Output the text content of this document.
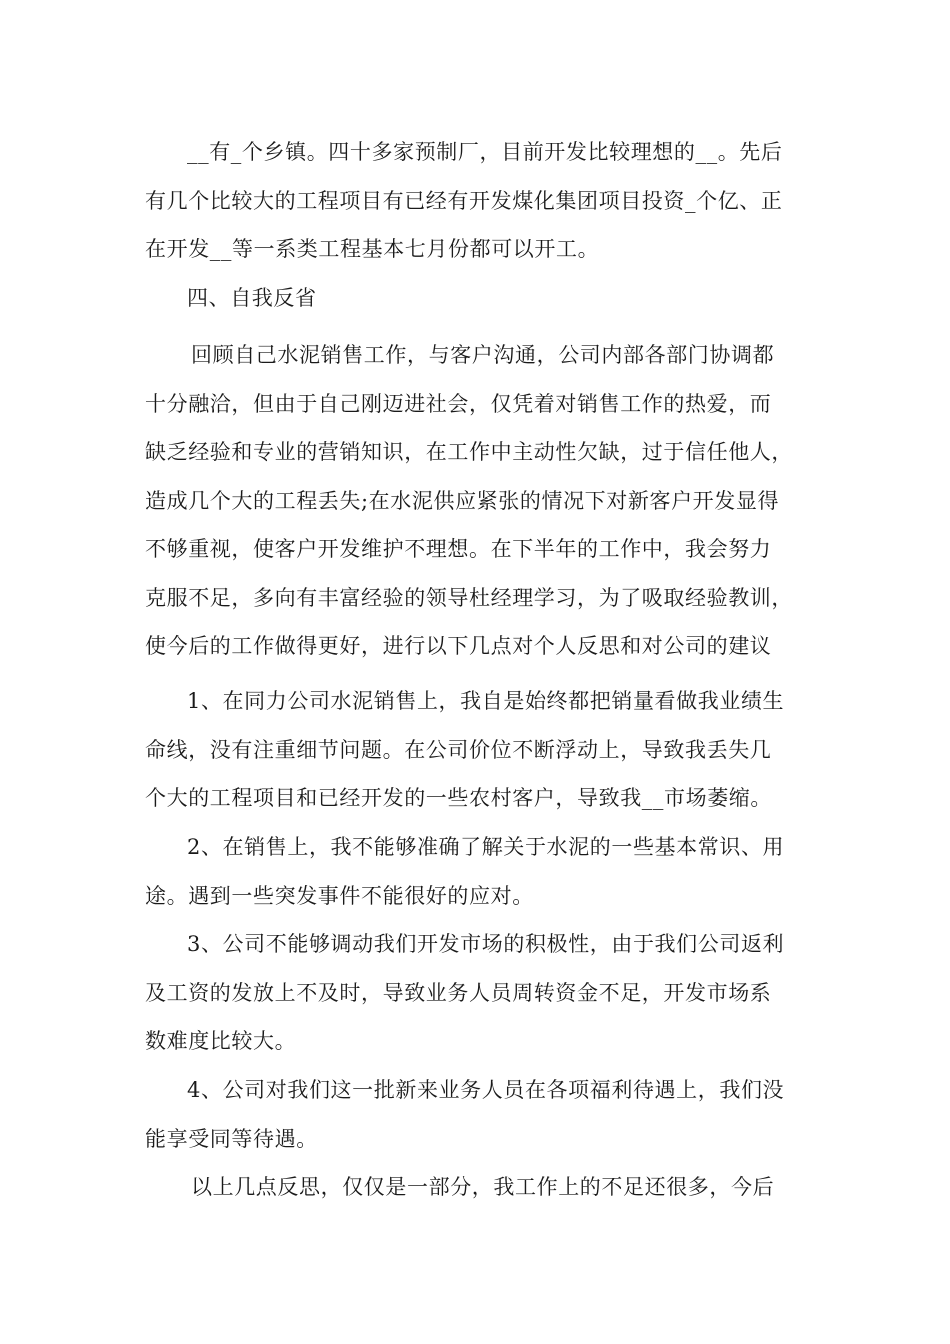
__有_个乡镇。四十多家预制厂，目前开发比较理想的__。先后
有几个比较大的工程项目有已经有开发煤化集团项目投资_个亿、正
在开发__等一系类工程基本七月份都可以开工。
四、自我反省
回顾自己水泥销售工作，与客户沟通，公司内部各部门协调都
十分融洽，但由于自己刚迈进社会，仅凭着对销售工作的热爱，而
缺乏经验和专业的营销知识，在工作中主动性欠缺，过于信任他人，
造成几个大的工程丢失;在水泥供应紧张的情况下对新客户开发显得
不够重视，使客户开发维护不理想。在下半年的工作中，我会努力
克服不足，多向有丰富经验的领导杜经理学习，为了吸取经验教训，
使今后的工作做得更好，进行以下几点对个人反思和对公司的建议
1、在同力公司水泥销售上，我自是始终都把销量看做我业绩生
命线，没有注重细节问题。在公司价位不断浮动上，导致我丢失几
个大的工程项目和已经开发的一些农村客户，导致我__市场萎缩。
2、在销售上，我不能够准确了解关于水泥的一些基本常识、用
途。遇到一些突发事件不能很好的应对。
3、公司不能够调动我们开发市场的积极性，由于我们公司返利
及工资的发放上不及时，导致业务人员周转资金不足，开发市场系
数难度比较大。
4、公司对我们这一批新来业务人员在各项福利待遇上，我们没
能享受同等待遇。
以上几点反思，仅仅是一部分，我工作上的不足还很多，今后
